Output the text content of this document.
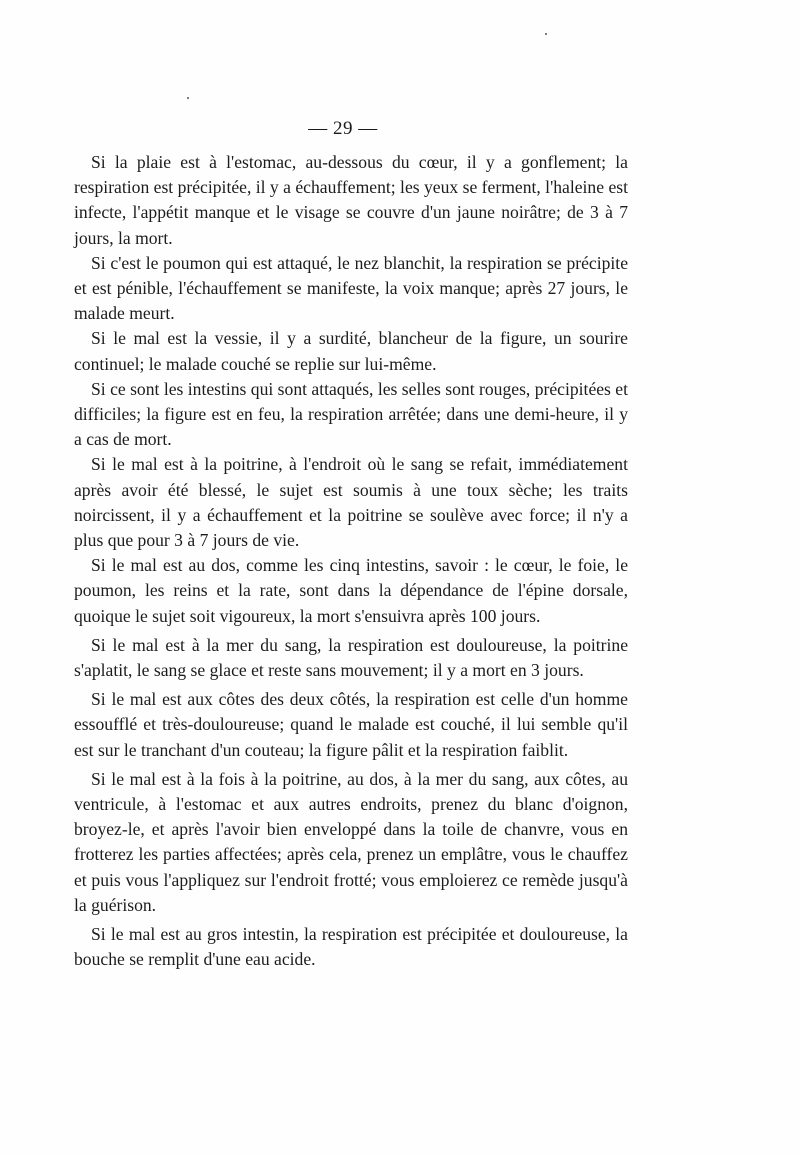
— 29 —

Si la plaie est à l'estomac, au-dessous du cœur, il y a gonflement; la respiration est précipitée, il y a échauffement; les yeux se ferment, l'haleine est infecte, l'appétit manque et le visage se couvre d'un jaune noirâtre; de 3 à 7 jours, la mort.

Si c'est le poumon qui est attaqué, le nez blanchit, la respiration se précipite et est pénible, l'échauffement se manifeste, la voix manque; après 27 jours, le malade meurt.

Si le mal est la vessie, il y a surdité, blancheur de la figure, un sourire continuel; le malade couché se replie sur lui-même.

Si ce sont les intestins qui sont attaqués, les selles sont rouges, précipitées et difficiles; la figure est en feu, la respiration arrêtée; dans une demi-heure, il y a cas de mort.

Si le mal est à la poitrine, à l'endroit où le sang se refait, immédiatement après avoir été blessé, le sujet est soumis à une toux sèche; les traits noircissent, il y a échauffement et la poitrine se soulève avec force; il n'y a plus que pour 3 à 7 jours de vie.

Si le mal est au dos, comme les cinq intestins, savoir : le cœur, le foie, le poumon, les reins et la rate, sont dans la dépendance de l'épine dorsale, quoique le sujet soit vigoureux, la mort s'ensuivra après 100 jours.

Si le mal est à la mer du sang, la respiration est douloureuse, la poitrine s'aplatit, le sang se glace et reste sans mouvement; il y a mort en 3 jours.

Si le mal est aux côtes des deux côtés, la respiration est celle d'un homme essoufflé et très-douloureuse; quand le malade est couché, il lui semble qu'il est sur le tranchant d'un couteau; la figure pâlit et la respiration faiblit.

Si le mal est à la fois à la poitrine, au dos, à la mer du sang, aux côtes, au ventricule, à l'estomac et aux autres endroits, prenez du blanc d'oignon, broyez-le, et après l'avoir bien enveloppé dans la toile de chanvre, vous en frotterez les parties affectées; après cela, prenez un emplâtre, vous le chauffez et puis vous l'appliquez sur l'endroit frotté; vous emploierez ce remède jusqu'à la guérison.

Si le mal est au gros intestin, la respiration est précipitée et douloureuse, la bouche se remplit d'une eau acide.
